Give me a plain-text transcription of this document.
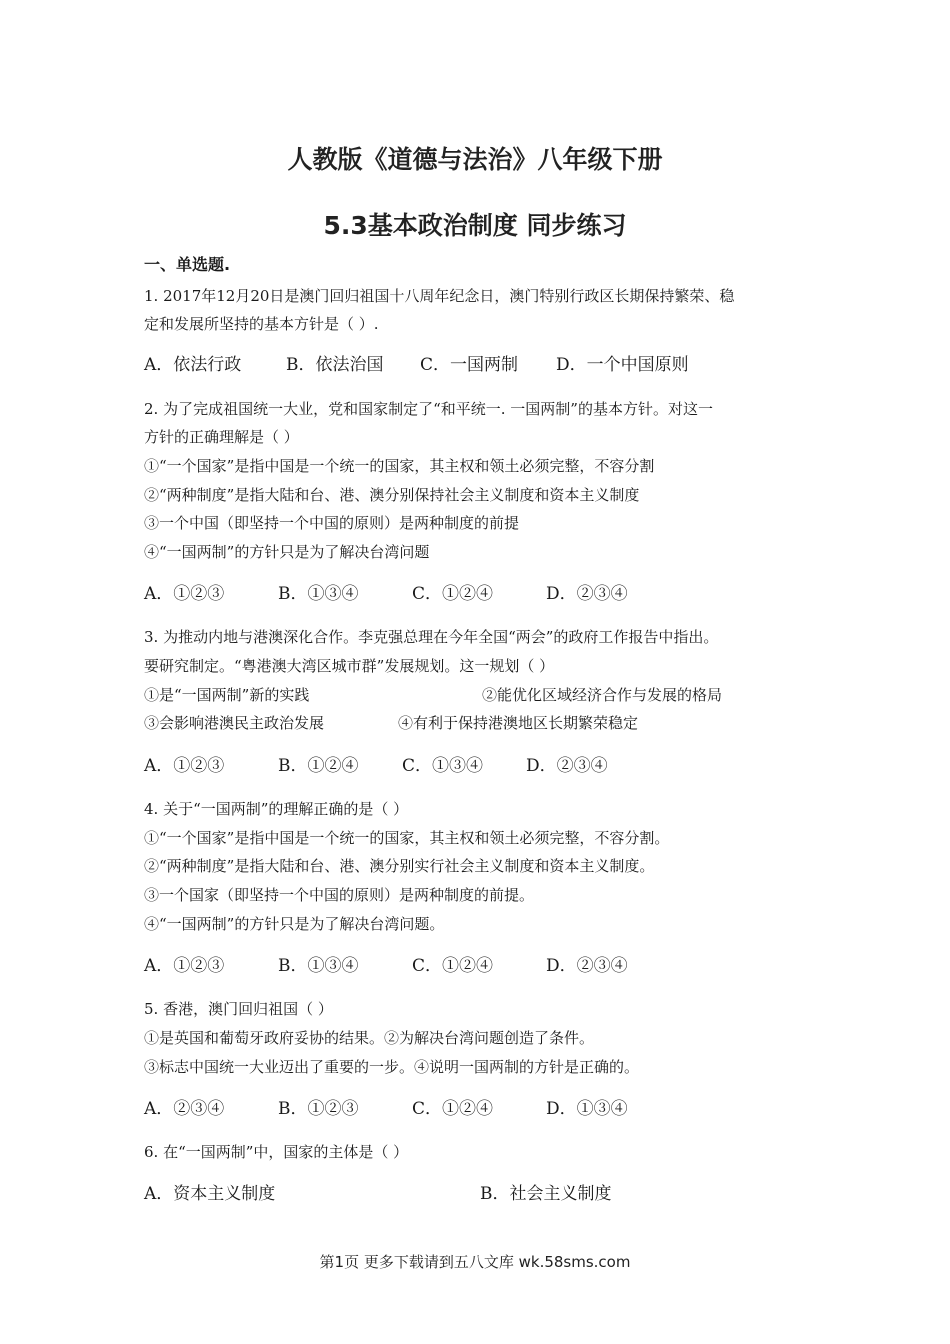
人教版《道德与法治》八年级下册
5.3基本政治制度 同步练习
一、单选题.
1. 2017年12月20日是澳门回归祖国十八周年纪念日，澳门特别行政区长期保持繁荣、稳
定和发展所坚持的基本方针是（ ）.
A．依法行政	B．依法治国 C．一国两制 D．一个中国原则
2. 为了完成祖国统一大业，党和国家制定了“和平统一. 一国两制”的基本方针。对这一
方针的正确理解是（ ）
①“一个国家”是指中国是一个统一的国家，其主权和领土必须完整，不容分割
②“两种制度”是指大陆和台、港、澳分别保持社会主义制度和资本主义制度
③一个中国（即坚持一个中国的原则）是两种制度的前提
④“一国两制”的方针只是为了解决台湾问题
A．①②③	B．①③④	C．①②④	D．②③④
3. 为推动内地与港澳深化合作。李克强总理在今年全国“两会”的政府工作报告中指出。
要研究制定。“粤港澳大湾区城市群”发展规划。这一规划（ ）
①是“一国两制”新的实践	②能优化区域经济合作与发展的格局
③会影响港澳民主政治发展	④有利于保持港澳地区长期繁荣稳定
A．①②③	B．①②④	C．①③④	D．②③④
4. 关于“一国两制”的理解正确的是（ ）
①“一个国家”是指中国是一个统一的国家，其主权和领土必须完整，不容分割。
②“两种制度”是指大陆和台、港、澳分别实行社会主义制度和资本主义制度。
③一个国家（即坚持一个中国的原则）是两种制度的前提。
④“一国两制”的方针只是为了解决台湾问题。
A．①②③	B．①③④	C．①②④	D．②③④
5. 香港，澳门回归祖国（ ）
①是英国和葡萄牙政府妥协的结果。②为解决台湾问题创造了条件。
③标志中国统一大业迈出了重要的一步。④说明一国两制的方针是正确的。
A．②③④	B．①②③	C．①②④	D．①③④
6. 在“一国两制”中，国家的主体是（ ）
A．资本主义制度	B．社会主义制度
第1页 更多下载请到五八文库 wk.58sms.com
